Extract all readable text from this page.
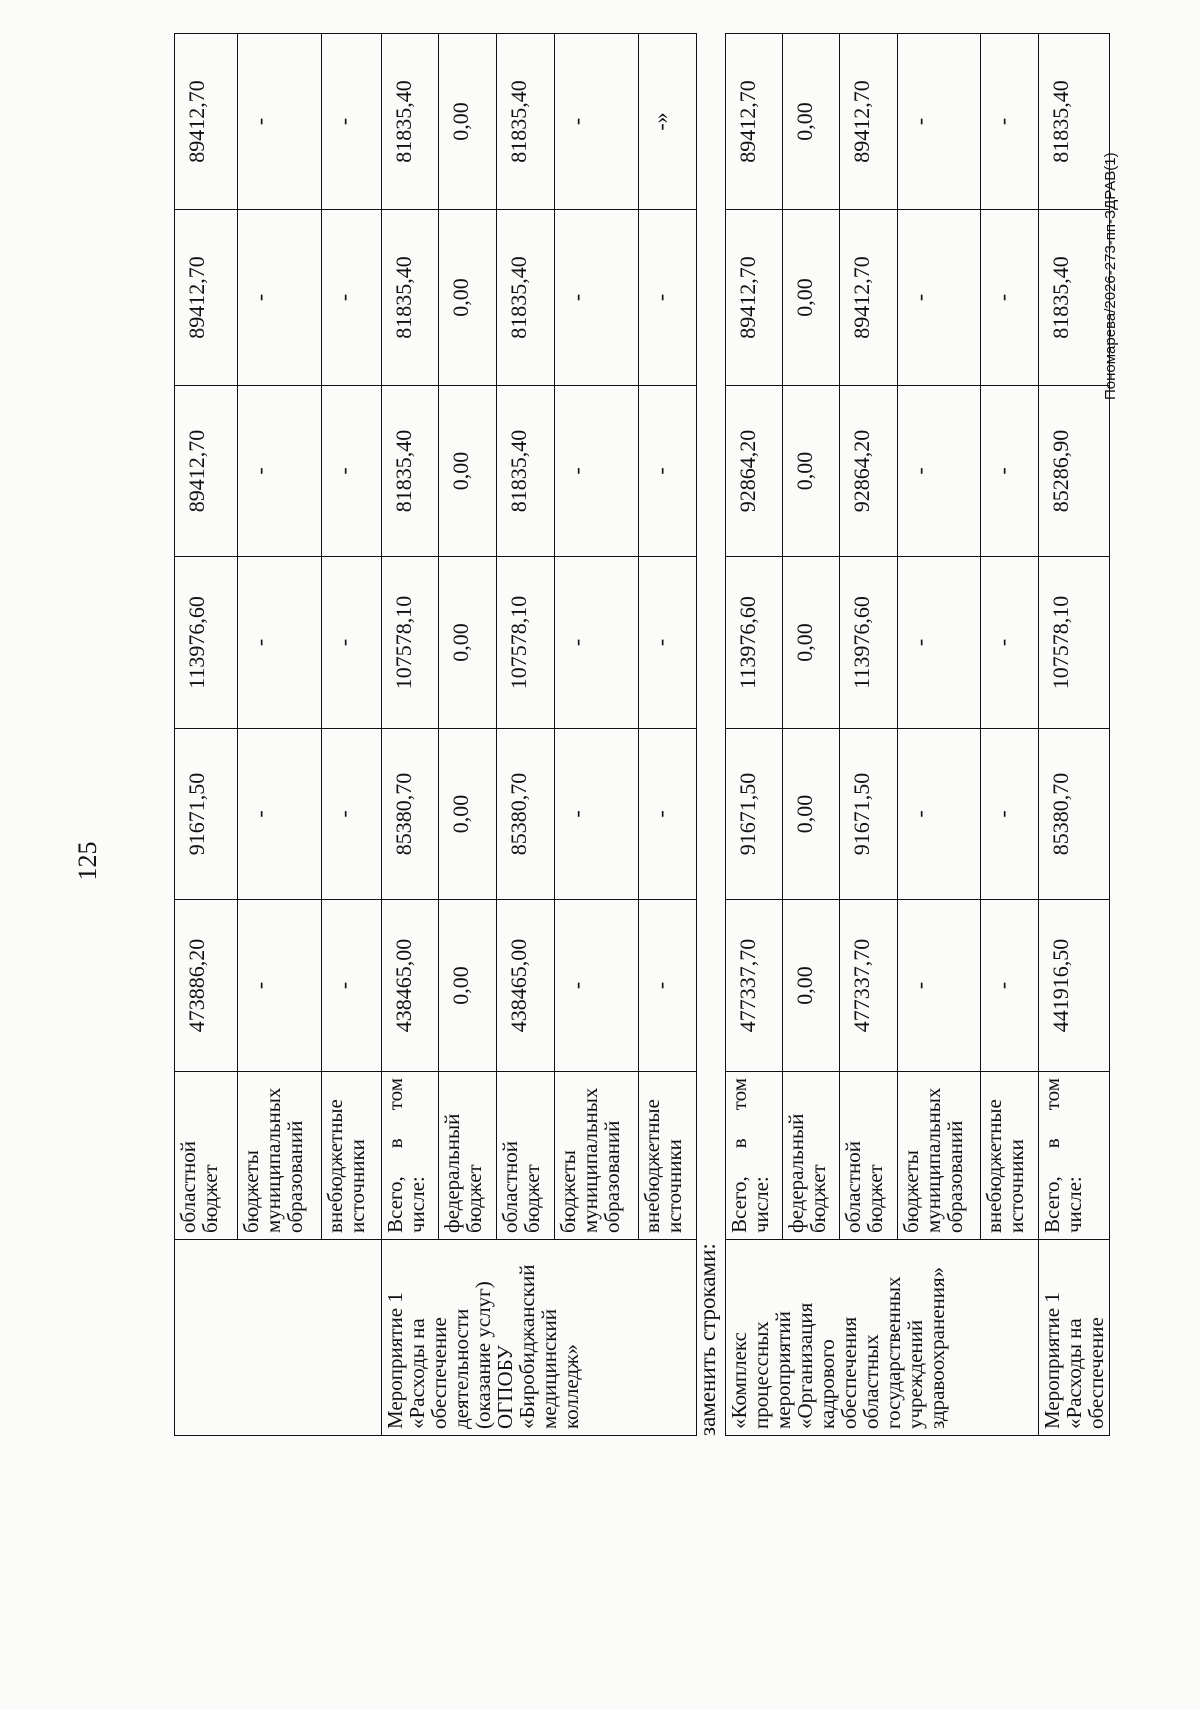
125
	областной бюджет	473886,20	91671,50	113976,60	89412,70	89412,70	89412,70
	бюджеты муниципальных образований	-	-	-	-	-	-
	внебюджетные источники	-	-	-	-	-	-
Мероприятие 1 «Расходы на обеспечение деятельности (оказание услуг) ОГПОБУ «Биробиджанский медицинский колледж»	Всего, в том числе:	438465,00	85380,70	107578,10	81835,40	81835,40	81835,40
	федеральный бюджет	0,00	0,00	0,00	0,00	0,00	0,00
	областной бюджет	438465,00	85380,70	107578,10	81835,40	81835,40	81835,40
	бюджеты муниципальных образований	-	-	-	-	-	-
	внебюджетные источники	-	-	-	-	-	-»
заменить строками: «Комплекс процессных мероприятий «Организация кадрового обеспечения областных государственных учреждений здравоохранения»	Всего, в том числе:	477337,70	91671,50	113976,60	92864,20	89412,70	89412,70
	федеральный бюджет	0,00	0,00	0,00	0,00	0,00	0,00
	областной бюджет	477337,70	91671,50	113976,60	92864,20	89412,70	89412,70
	бюджеты муниципальных образований	-	-	-	-	-	-
	внебюджетные источники	-	-	-	-	-	-
Мероприятие 1 «Расходы на обеспечение	Всего, в том числе:	441916,50	85380,70	107578,10	85286,90	81835,40	81835,40
Пономарева/2026-273-пп-ЗДРАВ(1)
